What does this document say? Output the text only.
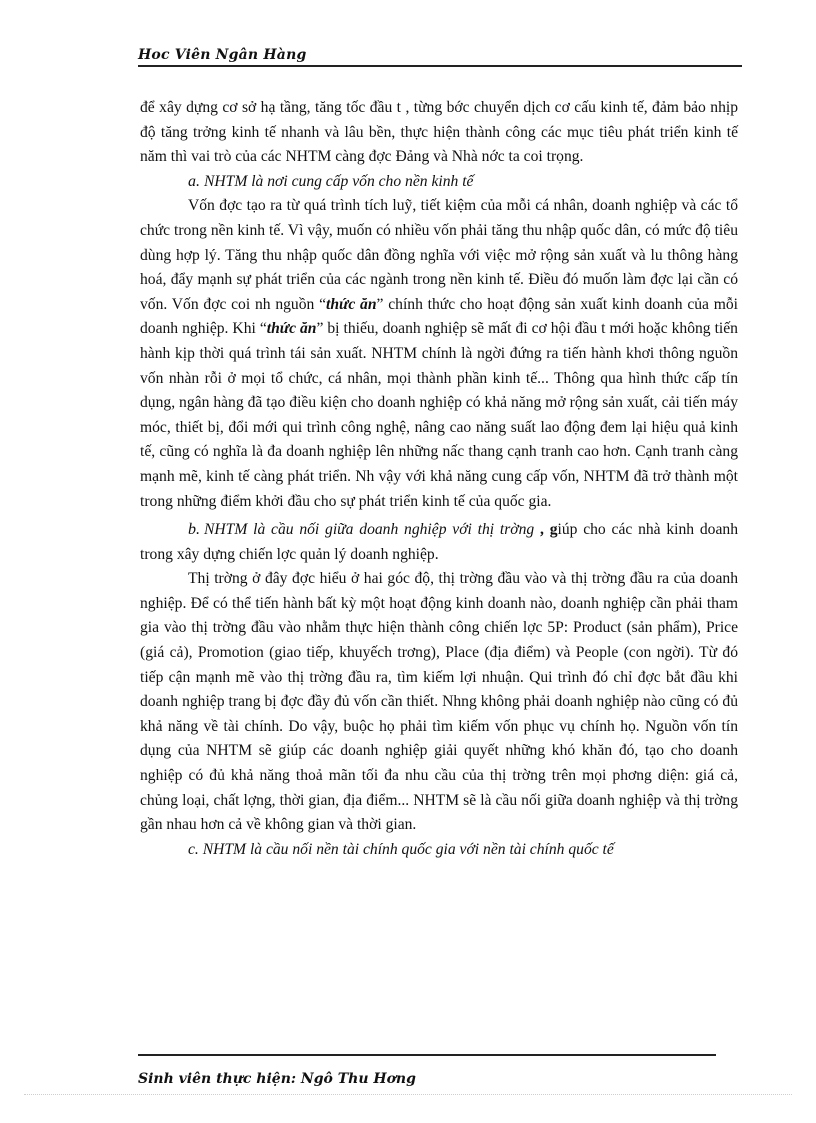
Hoc Viên Ngân Hàng

để xây dựng cơ sở hạ tầng, tăng tốc đầu t , từng bớc chuyển dịch cơ cấu kinh tế, đảm bảo nhịp độ tăng trởng kinh tế nhanh và lâu bền, thực hiện thành công các mục tiêu phát triển kinh tế năm thì vai trò của các NHTM càng đợc Đảng và Nhà nớc ta coi trọng.

a. NHTM là nơi cung cấp vốn cho nền kinh tế

Vốn đợc tạo ra từ quá trình tích luỹ, tiết kiệm của mỗi cá nhân, doanh nghiệp và các tổ chức trong nền kinh tế. Vì vậy, muốn có nhiều vốn phải tăng thu nhập quốc dân, có mức độ tiêu dùng hợp lý. Tăng thu nhập quốc dân đồng nghĩa với việc mở rộng sản xuất và lu thông hàng hoá, đẩy mạnh sự phát triển của các ngành trong nền kinh tế. Điều đó muốn làm đợc lại cần có vốn. Vốn đợc coi nh nguồn “thức ăn” chính thức cho hoạt động sản xuất kinh doanh của mỗi doanh nghiệp. Khi “thức ăn” bị thiếu, doanh nghiệp sẽ mất đi cơ hội đầu t mới hoặc không tiến hành kịp thời quá trình tái sản xuất. NHTM chính là ngời đứng ra tiến hành khơi thông nguồn vốn nhàn rỗi ở mọi tổ chức, cá nhân, mọi thành phần kinh tế... Thông qua hình thức cấp tín dụng, ngân hàng đã tạo điều kiện cho doanh nghiệp có khả năng mở rộng sản xuất, cải tiến máy móc, thiết bị, đổi mới qui trình công nghệ, nâng cao năng suất lao động đem lại hiệu quả kinh tế, cũng có nghĩa là đa doanh nghiệp lên những nấc thang cạnh tranh cao hơn. Cạnh tranh càng mạnh mẽ, kinh tế càng phát triển. Nh vậy với khả năng cung cấp vốn, NHTM đã trở thành một trong những điểm khởi đầu cho sự phát triển kinh tế của quốc gia.

b. NHTM là cầu nối giữa doanh nghiệp với thị trờng , giúp cho các nhà kinh doanh trong xây dựng chiến lợc quản lý doanh nghiệp.

Thị trờng ở đây đợc hiểu ở hai góc độ, thị trờng đầu vào và thị trờng đầu ra của doanh nghiệp. Để có thể tiến hành bất kỳ một hoạt động kinh doanh nào, doanh nghiệp cần phải tham gia vào thị trờng đầu vào nhằm thực hiện thành công chiến lợc 5P: Product (sản phẩm), Price (giá cả), Promotion (giao tiếp, khuyếch trơng), Place (địa điểm) và People (con ngời). Từ đó tiếp cận mạnh mẽ vào thị trờng đầu ra, tìm kiếm lợi nhuận. Qui trình đó chỉ đợc bắt đầu khi doanh nghiệp trang bị đợc đầy đủ vốn cần thiết. Nhng không phải doanh nghiệp nào cũng có đủ khả năng về tài chính. Do vậy, buộc họ phải tìm kiếm vốn phục vụ chính họ. Nguồn vốn tín dụng của NHTM sẽ giúp các doanh nghiệp giải quyết những khó khăn đó, tạo cho doanh nghiệp có đủ khả năng thoả mãn tối đa nhu cầu của thị trờng trên mọi phơng diện: giá cả, chủng loại, chất lợng, thời gian, địa điểm... NHTM sẽ là cầu nối giữa doanh nghiệp và thị trờng gần nhau hơn cả về không gian và thời gian.

c. NHTM là cầu nối nền tài chính quốc gia với nền tài chính quốc tế

Sinh viên thực hiện: Ngô Thu Hơng
